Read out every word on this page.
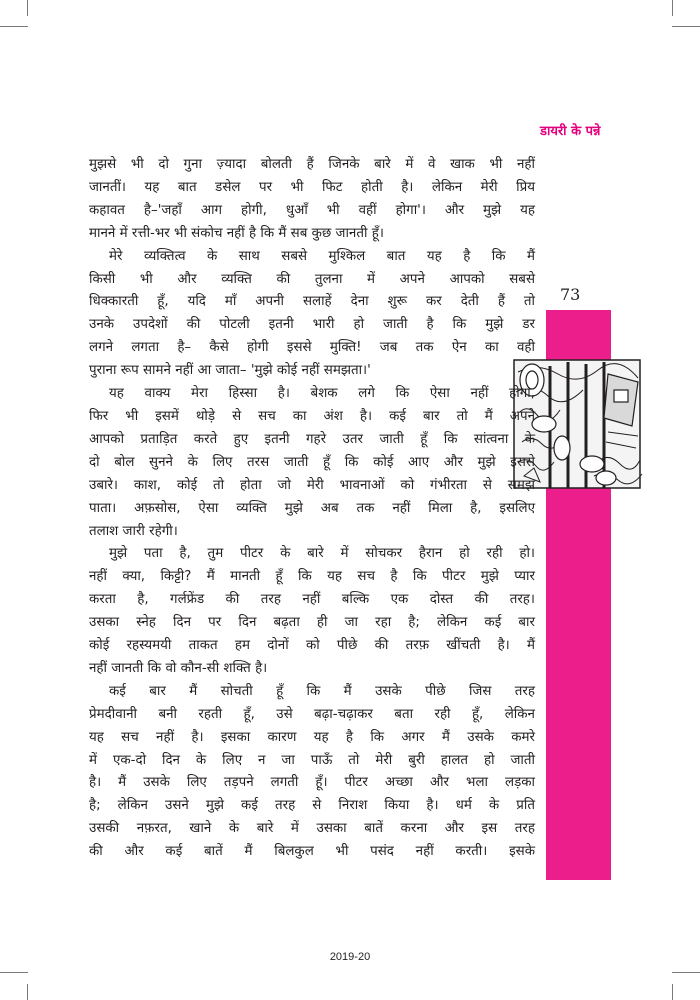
डायरी के पन्ने
73
मुझसे भी दो गुना ज़्यादा बोलती हैं जिनके बारे में वे खाक भी नहीं
जानतीं। यह बात डसेल पर भी फिट होती है। लेकिन मेरी प्रिय
कहावत है–'जहाँ आग होगी, धुआँ भी वहीं होगा'। और मुझे यह
मानने में रत्ती-भर भी संकोच नहीं है कि मैं सब कुछ जानती हूँ।
मेरे व्यक्तित्व के साथ सबसे मुश्किल बात यह है कि मैं
किसी भी और व्यक्ति की तुलना में अपने आपको सबसे
धिक्कारती हूँ, यदि माँ अपनी सलाहें देना शुरू कर देती हैं तो
उनके उपदेशों की पोटली इतनी भारी हो जाती है कि मुझे डर
लगने लगता है– कैसे होगी इससे मुक्ति! जब तक ऐन का वही
पुराना रूप सामने नहीं आ जाता– 'मुझे कोई नहीं समझता।'
यह वाक्य मेरा हिस्सा है। बेशक लगे कि ऐसा नहीं होगा,
फिर भी इसमें थोड़े से सच का अंश है। कई बार तो मैं अपने
आपको प्रताड़ित करते हुए इतनी गहरे उतर जाती हूँ कि सांत्वना के
दो बोल सुनने के लिए तरस जाती हूँ कि कोई आए और मुझे इससे
उबारे। काश, कोई तो होता जो मेरी भावनाओं को गंभीरता से समझ
पाता। अफ़सोस, ऐसा व्यक्ति मुझे अब तक नहीं मिला है, इसलिए
तलाश जारी रहेगी।
मुझे पता है, तुम पीटर के बारे में सोचकर हैरान हो रही हो।
नहीं क्या, किट्टी? मैं मानती हूँ कि यह सच है कि पीटर मुझे प्यार
करता है, गर्लफ्रेंड की तरह नहीं बल्कि एक दोस्त की तरह।
उसका स्नेह दिन पर दिन बढ़ता ही जा रहा है; लेकिन कई बार
कोई रहस्यमयी ताकत हम दोनों को पीछे की तरफ़ खींचती है। मैं
नहीं जानती कि वो कौन-सी शक्ति है।
कई बार मैं सोचती हूँ कि मैं उसके पीछे जिस तरह
प्रेमदीवानी बनी रहती हूँ, उसे बढ़ा-चढ़ाकर बता रही हूँ, लेकिन
यह सच नहीं है। इसका कारण यह है कि अगर मैं उसके कमरे
में एक-दो दिन के लिए न जा पाऊँ तो मेरी बुरी हालत हो जाती
है। मैं उसके लिए तड़पने लगती हूँ। पीटर अच्छा और भला लड़का
है; लेकिन उसने मुझे कई तरह से निराश किया है। धर्म के प्रति
उसकी नफ़रत, खाने के बारे में उसका बातें करना और इस तरह
की और कई बातें मैं बिलकुल भी पसंद नहीं करती। इसके
2019-20
